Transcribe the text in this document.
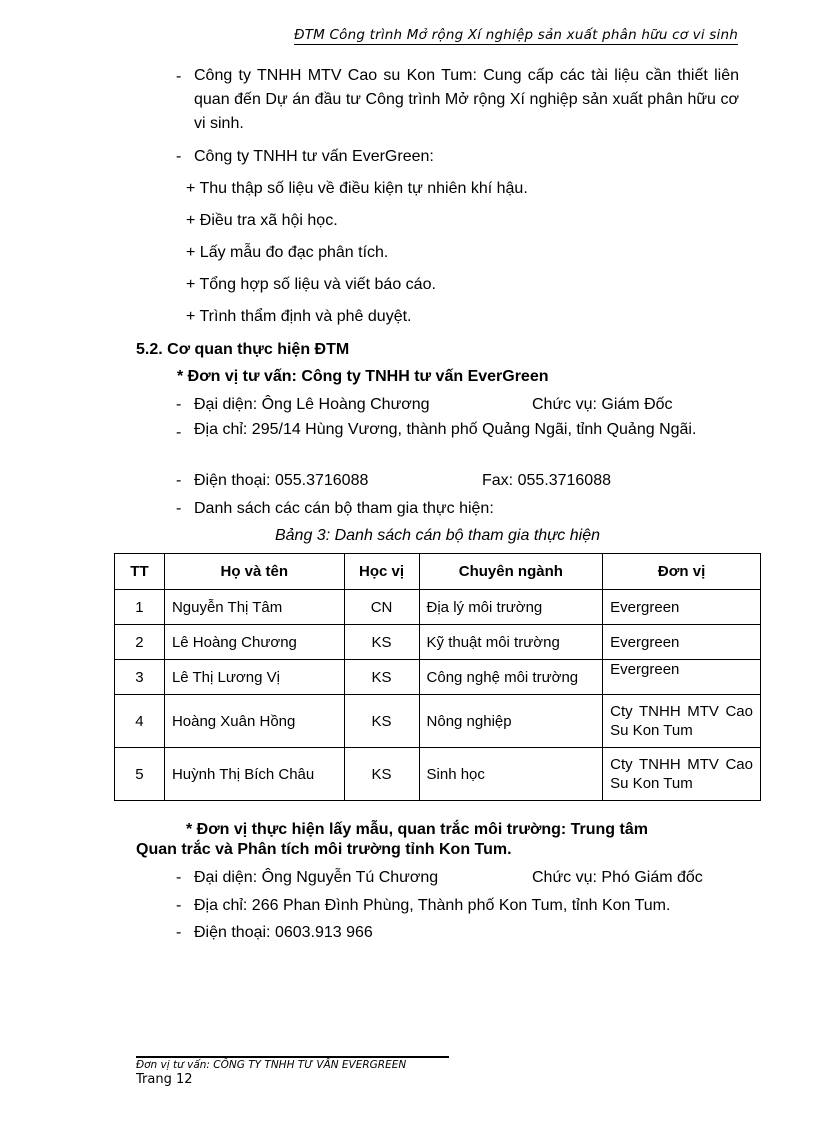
ĐTM Công trình Mở rộng Xí nghiệp sản xuất phân hữu cơ vi sinh
- Công ty TNHH MTV Cao su Kon Tum: Cung cấp các tài liệu cần thiết liên quan đến Dự án đầu tư Công trình Mở rộng Xí nghiệp sản xuất phân hữu cơ vi sinh.
- Công ty TNHH tư vấn EverGreen:
+ Thu thập số liệu về điều kiện tự nhiên khí hậu.
+ Điều tra xã hội học.
+ Lấy mẫu đo đạc phân tích.
+ Tổng hợp số liệu và viết báo cáo.
+ Trình thẩm định và phê duyệt.
5.2. Cơ quan thực hiện ĐTM
* Đơn vị tư vấn: Công ty TNHH tư vấn EverGreen
- Đại diện: Ông Lê Hoàng Chương	Chức vụ: Giám Đốc
- Địa chỉ: 295/14 Hùng Vương, thành phố Quảng Ngãi, tỉnh Quảng Ngãi.
- Điện thoại: 055.3716088	Fax: 055.3716088
- Danh sách các cán bộ tham gia thực hiện:
Bảng 3: Danh sách cán bộ tham gia thực hiện
TT	Họ và tên	Học vị	Chuyên ngành	Đơn vị
1	Nguyễn Thị Tâm	CN	Địa lý môi trường	Evergreen
2	Lê Hoàng Chương	KS	Kỹ thuật môi trường	Evergreen
3	Lê Thị Lương Vị	KS	Công nghệ môi trường	Evergreen
4	Hoàng Xuân Hồng	KS	Nông nghiệp	Cty TNHH MTV Cao Su Kon Tum
5	Huỳnh Thị Bích Châu	KS	Sinh học	Cty TNHH MTV Cao Su Kon Tum
* Đơn vị thực hiện lấy mẫu, quan trắc môi trường: Trung tâm
Quan trắc và Phân tích môi trường tỉnh Kon Tum.
- Đại diện: Ông Nguyễn Tú Chương	Chức vụ: Phó Giám đốc
- Địa chỉ: 266 Phan Đình Phùng, Thành phố Kon Tum, tỉnh Kon Tum.
- Điện thoại: 0603.913 966
Đơn vị tư vấn: CÔNG TY TNHH TƯ VẤN EVERGREEN
Trang 12
